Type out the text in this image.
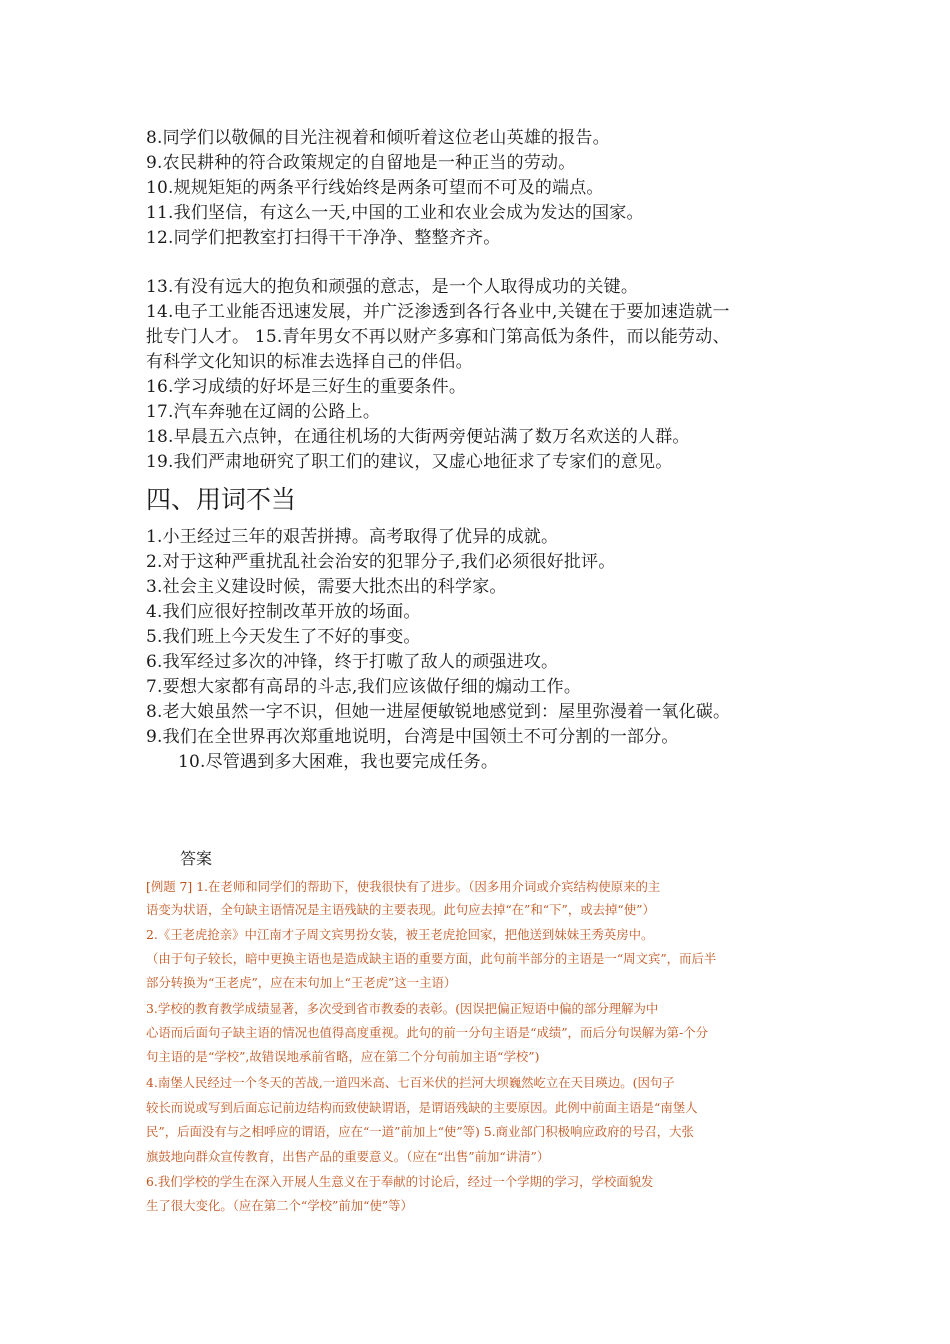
8.同学们以敬佩的目光注视着和倾听着这位老山英雄的报告。
9.农民耕种的符合政策规定的自留地是一种正当的劳动。
10.规规矩矩的两条平行线始终是两条可望而不可及的端点。
11.我们坚信，有这么一天,中国的工业和农业会成为发达的国家。
12.同学们把教室打扫得干干净净、整整齐齐。
13.有没有远大的抱负和顽强的意志，是一个人取得成功的关键。
14.电子工业能否迅速发展，并广泛渗透到各行各业中,关键在于要加速造就一
批专门人才。 15.青年男女不再以财产多寡和门第高低为条件，而以能劳动、
有科学文化知识的标准去选择自己的伴侣。
16.学习成绩的好坏是三好生的重要条件。
17.汽车奔驰在辽阔的公路上。
18.早晨五六点钟，在通往机场的大街两旁便站满了数万名欢送的人群。
19.我们严肃地研究了职工们的建议，又虚心地征求了专家们的意见。
四、用词不当
1.小王经过三年的艰苦拼搏。高考取得了优异的成就。
2.对于这种严重扰乱社会治安的犯罪分子,我们必须很好批评。
3.社会主义建设时候，需要大批杰出的科学家。
4.我们应很好控制改革开放的场面。
5.我们班上今天发生了不好的事变。
6.我军经过多次的冲锋，终于打嗷了敌人的顽强进攻。
7.要想大家都有高昂的斗志,我们应该做仔细的煽动工作。
8.老大娘虽然一字不识，但她一进屋便敏锐地感觉到：屋里弥漫着一氧化碳。
9.我们在全世界再次郑重地说明，台湾是中国领土不可分割的一部分。
10.尽管遇到多大困难，我也要完成任务。
答案
[例题 7] 1.在老师和同学们的帮助下，使我很快有了进步。（因多用介词或介宾结构使原来的主
语变为状语，全句缺主语情况是主语残缺的主要表现。此句应去掉“在”和“下”，或去掉“使”）
2.《王老虎抢亲》中江南才子周文宾男扮女装，被王老虎抢回家，把他送到妹妹王秀英房中。
（由于句子较长，暗中更换主语也是造成缺主语的重要方面，此句前半部分的主语是一“周文宾”，而后半
部分转换为“王老虎”，应在末句加上“王老虎”这一主语）
3.学校的教育教学成绩显著，多次受到省市教委的表彰。(因误把偏正短语中偏的部分理解为中
心语而后面句子缺主语的情况也值得高度重视。此句的前一分句主语是“成绩”，而后分句误解为第-个分
句主语的是“学校”,故错误地承前省略，应在第二个分句前加主语“学校”)
4.南堡人民经过一个冬天的苦战,一道四米高、七百米伏的拦河大坝巍然屹立在天目瑛边。(因句子
较长而说或写到后面忘记前边结构而致使缺谓语，是谓语残缺的主要原因。此例中前面主语是“南堡人
民”，后面没有与之相呼应的谓语，应在“一道”前加上“使”等) 5.商业部门积极响应政府的号召，大张
旗鼓地向群众宣传教育，出售产品的重要意义。（应在“出售”前加“讲清”）
6.我们学校的学生在深入开展人生意义在于奉献的讨论后，经过一个学期的学习，学校面貌发
生了很大变化。（应在第二个“学校”前加“使”等）
